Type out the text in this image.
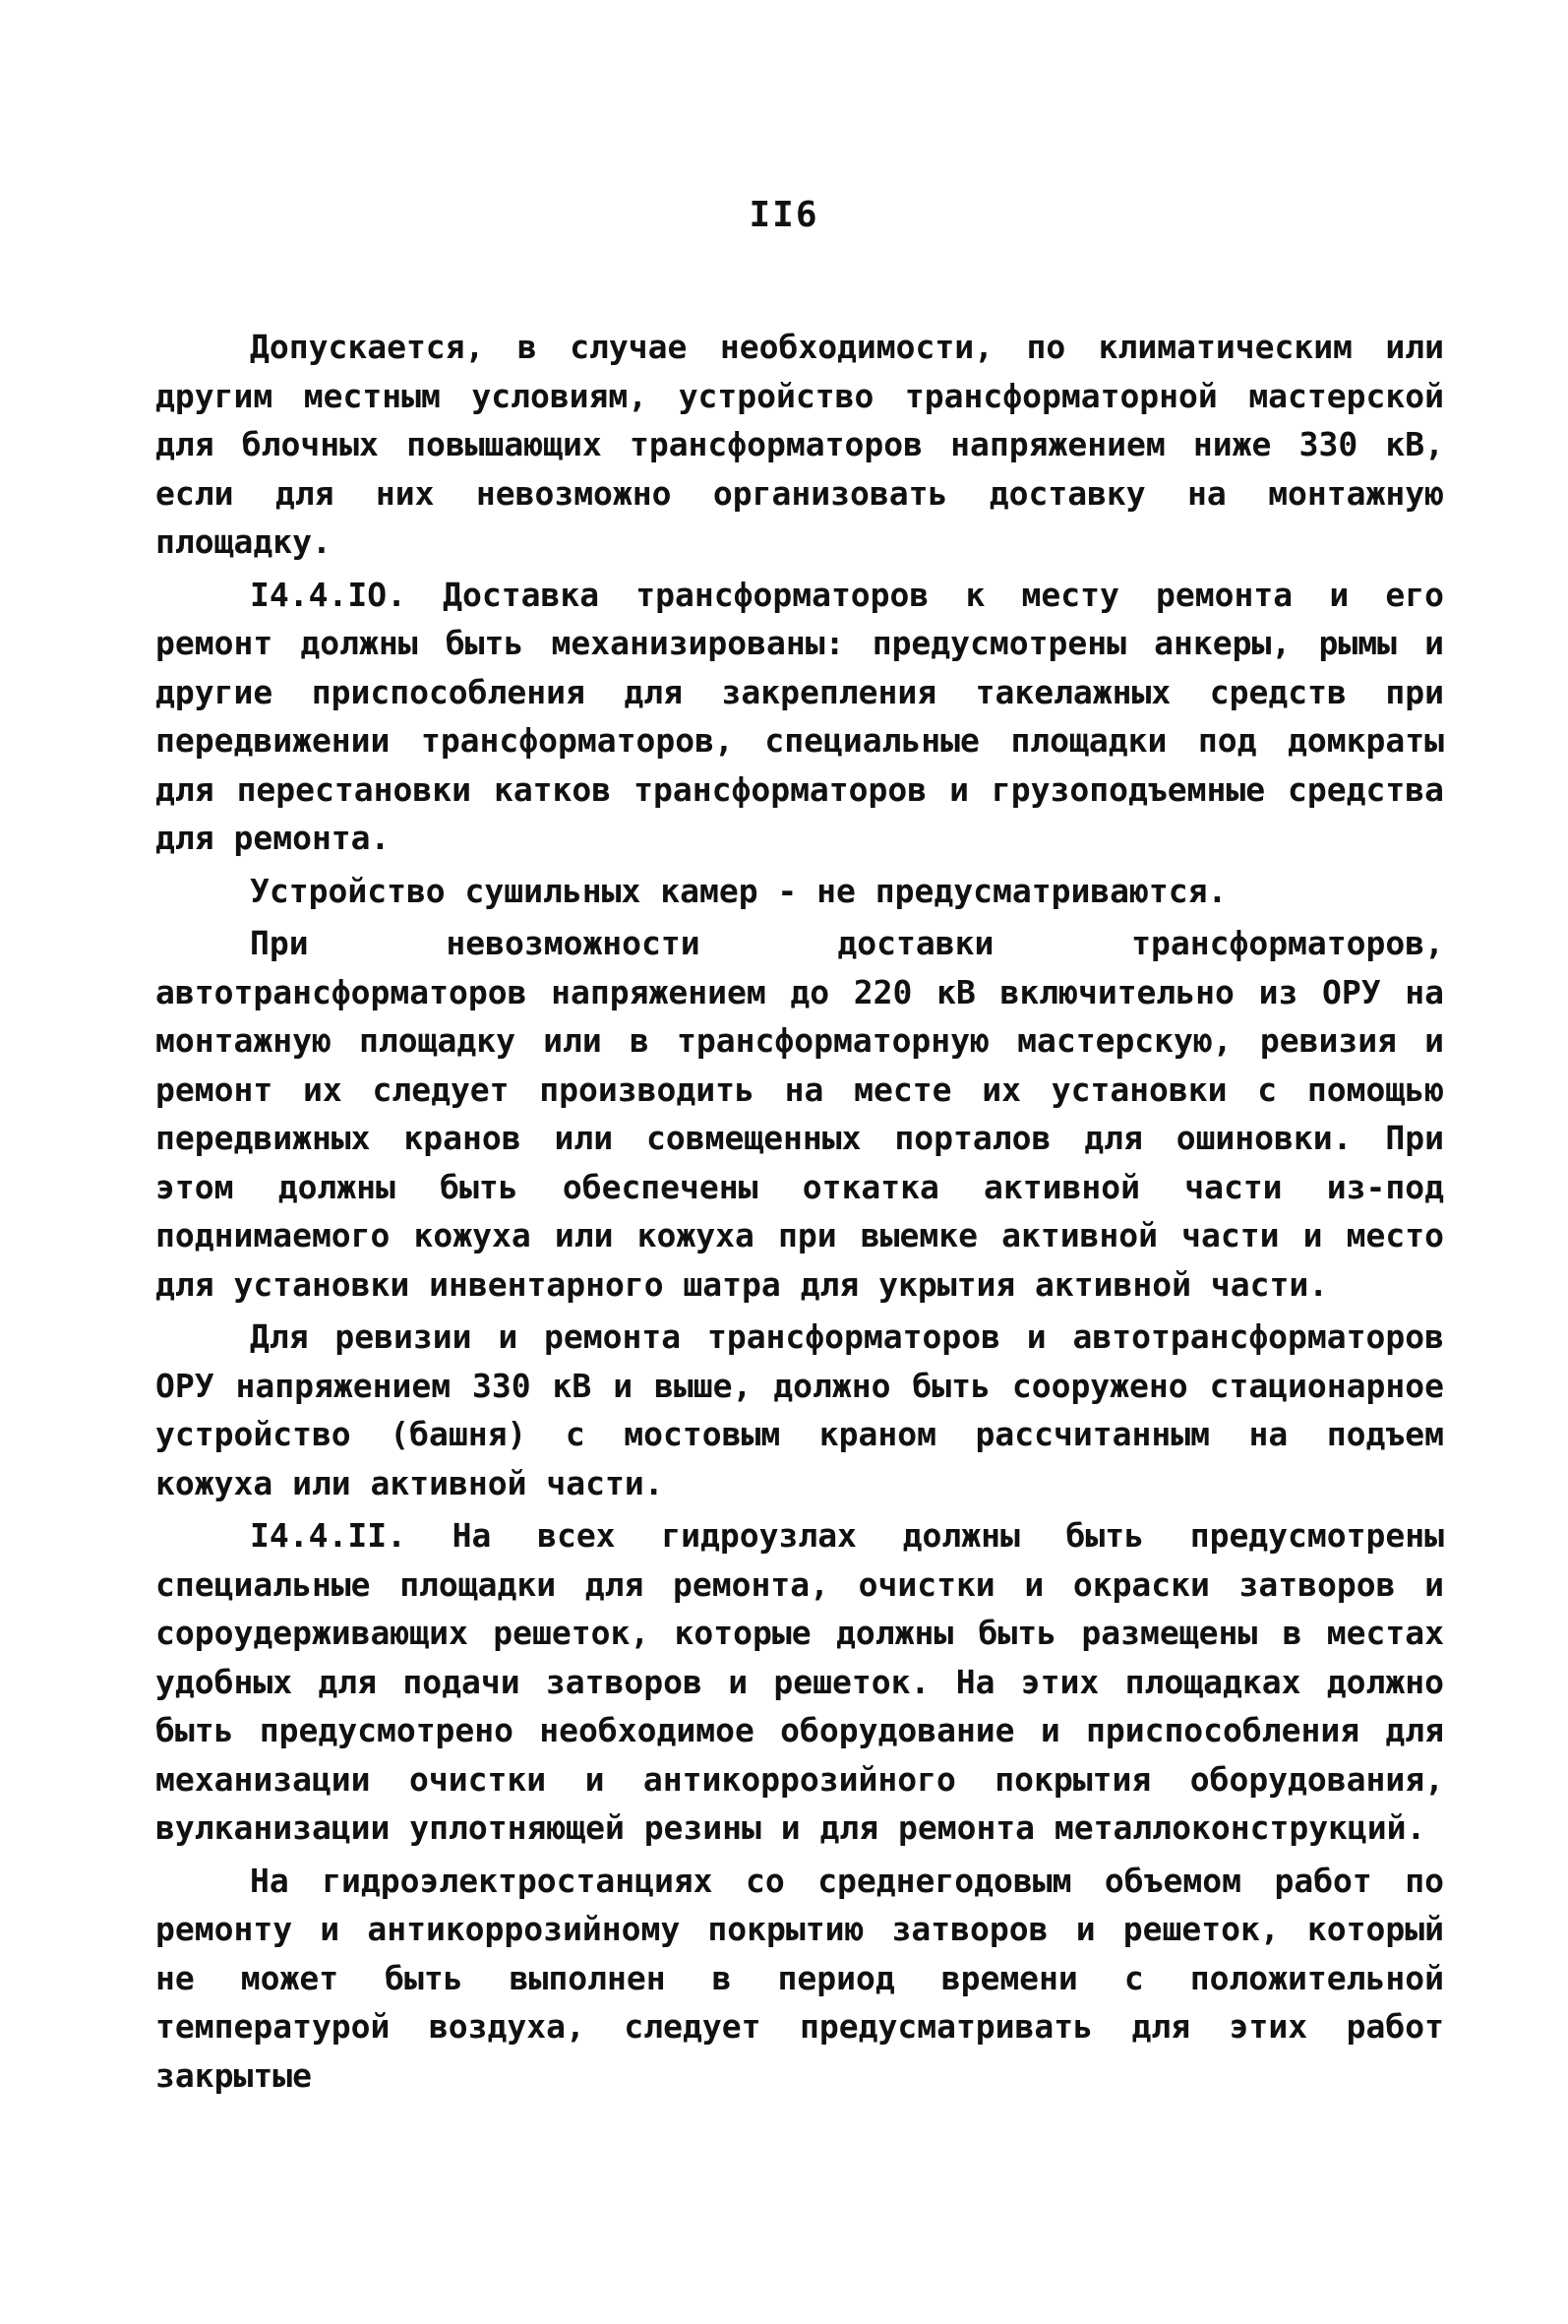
II6

Допускается, в случае необходимости, по климатическим или другим местным условиям, устройство трансформаторной мастерской для блочных повышающих трансформаторов напряжением ниже 330 кВ, если для них невозможно организовать доставку на монтажную площадку.

I4.4.IO. Доставка трансформаторов к месту ремонта и его ремонт должны быть механизированы: предусмотрены анкеры, рымы и другие приспособления для закрепления такелажных средств при передвижении трансформаторов, специальные площадки под домкраты для перестановки катков трансформаторов и грузоподъемные средства для ремонта.

Устройство сушильных камер - не предусматриваются.

При невозможности доставки трансформаторов, автотрансформаторов напряжением до 220 кВ включительно из ОРУ на монтажную площадку или в трансформаторную мастерскую, ревизия и ремонт их следует производить на месте их установки с помощью передвижных кранов или совмещенных порталов для ошиновки. При этом должны быть обеспечены откатка активной части из-под поднимаемого кожуха или кожуха при выемке активной части и место для установки инвентарного шатра для укрытия активной части.

Для ревизии и ремонта трансформаторов и автотрансформаторов ОРУ напряжением 330 кВ и выше, должно быть сооружено стационарное устройство (башня) с мостовым краном рассчитанным на подъем кожуха или активной части.

I4.4.II. На всех гидроузлах должны быть предусмотрены специальные площадки для ремонта, очистки и окраски затворов и сороудерживающих решеток, которые должны быть размещены в местах удобных для подачи затворов и решеток. На этих площадках должно быть предусмотрено необходимое оборудование и приспособления для механизации очистки и антикоррозийного покрытия оборудования, вулканизации уплотняющей резины и для ремонта металлоконструкций.

На гидроэлектростанциях со среднегодовым объемом работ по ремонту и антикоррозийному покрытию затворов и решеток, который не может быть выполнен в период времени с положительной температурой воздуха, следует предусматривать для этих работ закрытые
